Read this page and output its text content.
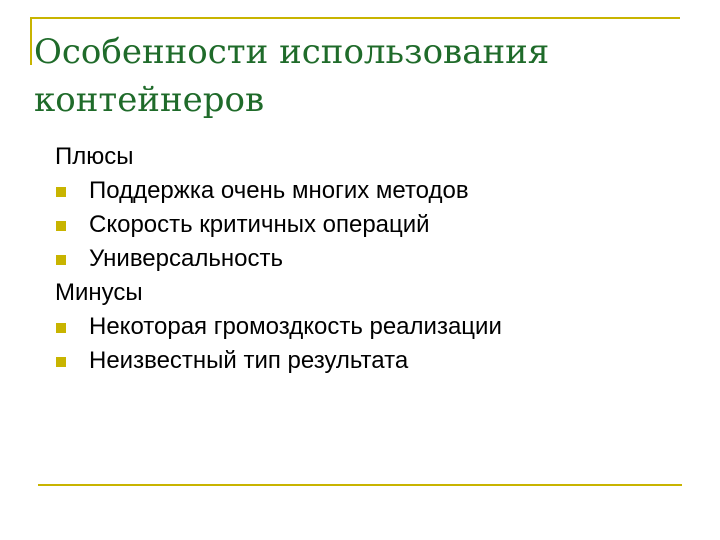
Особенности использования
контейнеров
Плюсы
Поддержка очень многих методов
Скорость критичных операций
Универсальность
Минусы
Некоторая громоздкость реализации
Неизвестный тип результата
